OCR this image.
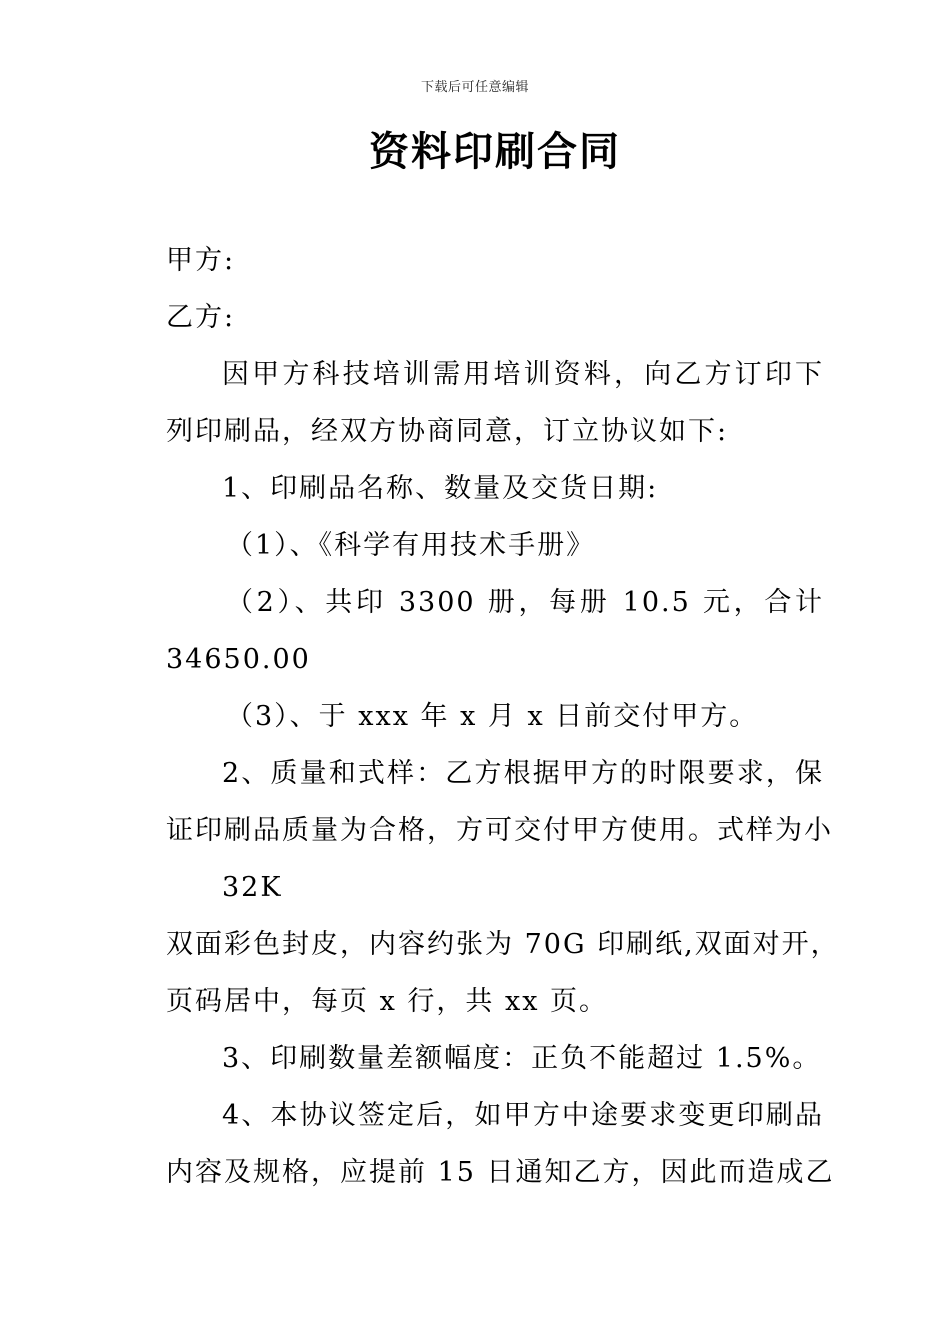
下载后可任意编辑
资料印刷合同
甲方:
乙方:
因甲方科技培训需用培训资料，向乙方订印下
列印刷品，经双方协商同意，订立协议如下:
1、印刷品名称、数量及交货日期:
（1）、《科学有用技术手册》
（2）、共印 3300 册，每册 10.5 元，合计
34650.00
（3）、于 xxx 年 x 月 x 日前交付甲方。
2、质量和式样：乙方根据甲方的时限要求，保
证印刷品质量为合格，方可交付甲方使用。式样为小
32K
双面彩色封皮，内容约张为 70G 印刷纸,双面对开，
页码居中，每页 x 行，共 xx 页。
3、印刷数量差额幅度：正负不能超过 1.5%。
4、本协议签定后，如甲方中途要求变更印刷品
内容及规格，应提前 15 日通知乙方，因此而造成乙
